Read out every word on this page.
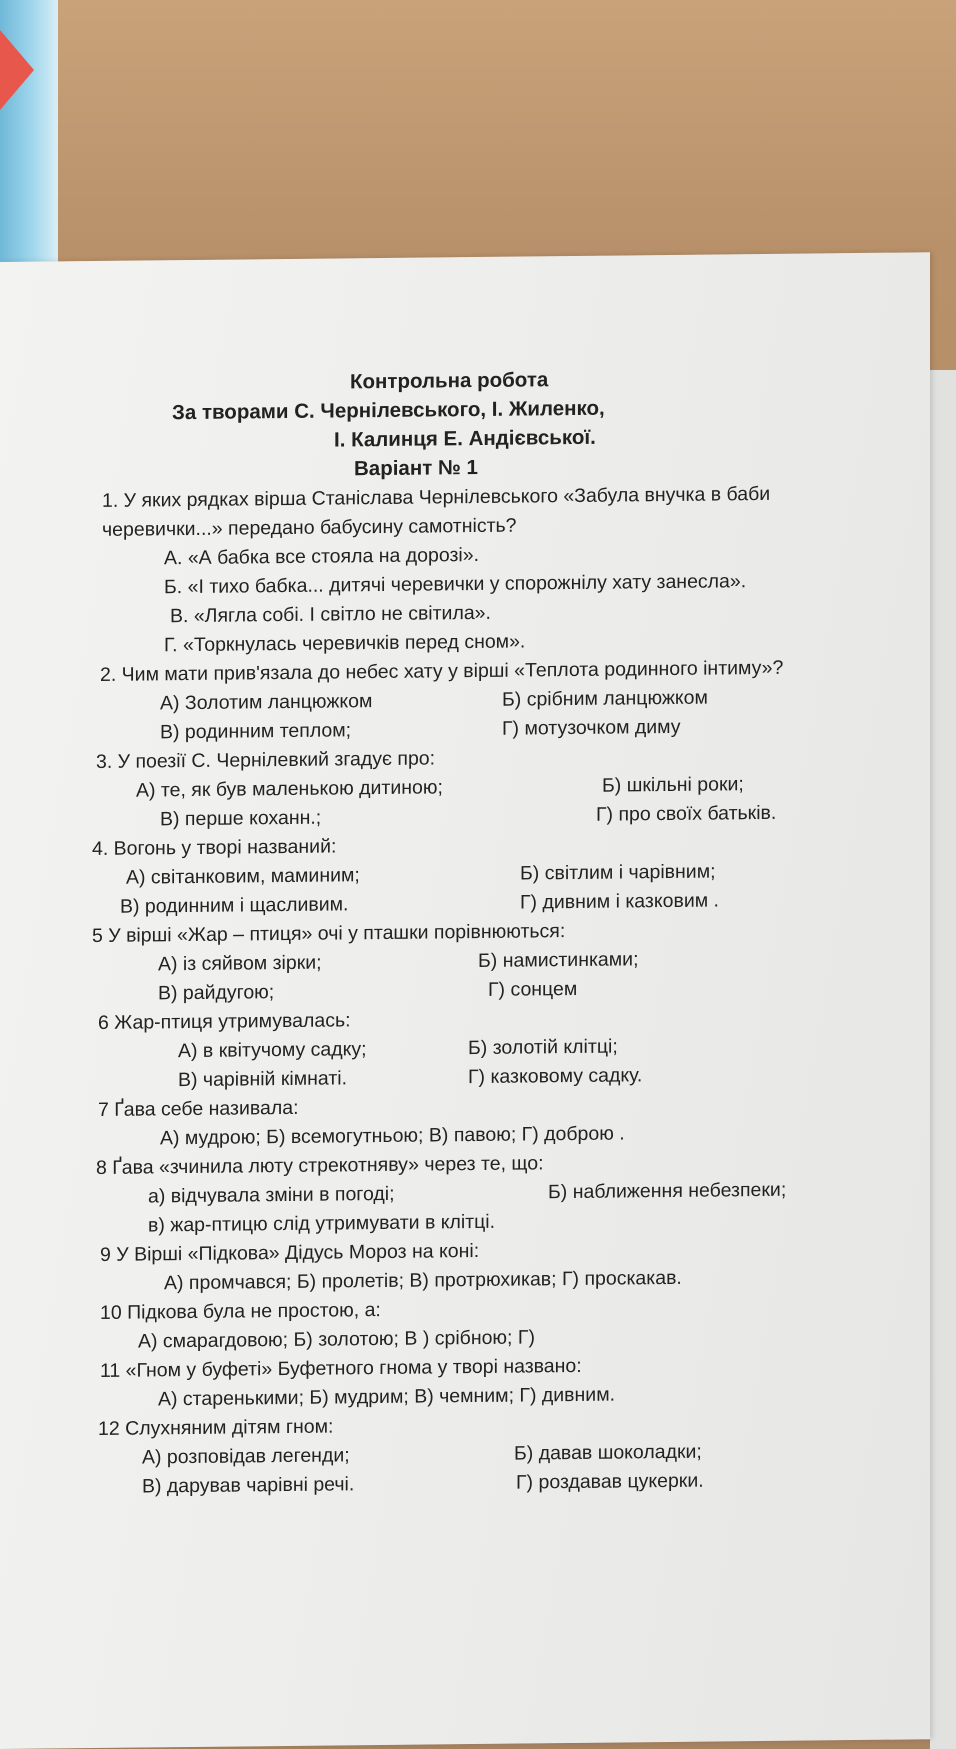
Контрольна робота
За творами С. Чернілевського, І. Жиленко,
І. Калинця Е. Андієвської.
Варіант № 1
1. У яких рядках вірша Станіслава Чернілевського «Забула внучка в баби
черевички...» передано бабусину самотність?
А. «А бабка все стояла на дорозі».
Б. «І тихо бабка... дитячі черевички у спорожнілу хату занесла».
В. «Лягла собі. І світло не світила».
Г. «Торкнулась черевичків перед сном».
2. Чим мати прив'язала до небес хату у вірші «Теплота родинного інтиму»?
А) Золотим ланцюжком	Б) срібним ланцюжком
В) родинним теплом;	Г) мотузочком диму
3. У поезії С. Чернілевкий згадує про:
А) те, як був маленькою дитиною;	Б) шкільні роки;
В) перше коханн.;	Г) про своїх батьків.
4. Вогонь у творі названий:
А) світанковим, маминим;	Б) світлим і чарівним;
В) родинним і щасливим.	Г) дивним і казковим .
5 У вірші «Жар – птиця» очі у пташки порівнюються:
А) із сяйвом зірки;	Б) намистинками;
В) райдугою;	Г) сонцем
6 Жар-птиця утримувалась:
А) в квітучому садку;	Б) золотій клітці;
В) чарівній кімнаті.	Г) казковому садку.
7 Ґава себе називала:
А) мудрою; Б) всемогутньою; В) павою; Г) доброю .
8 Ґава «зчинила люту стрекотняву» через те, що:
а) відчувала зміни в погоді;	Б) наближення небезпеки;
в) жар-птицю слід утримувати в клітці.
9 У Вірші «Підкова» Дідусь Мороз на коні:
А) промчався; Б) пролетів; В) протрюхикав; Г) проскакав.
10 Підкова була не простою, а:
А) смарагдовою; Б) золотою; В ) срібною; Г)
11 «Гном у буфеті» Буфетного гнома у творі названо:
А) старенькими; Б) мудрим; В) чемним; Г) дивним.
12 Слухняним дітям гном:
А) розповідав легенди;	Б) давав шоколадки;
В) дарував чарівні речі.	Г) роздавав цукерки.
